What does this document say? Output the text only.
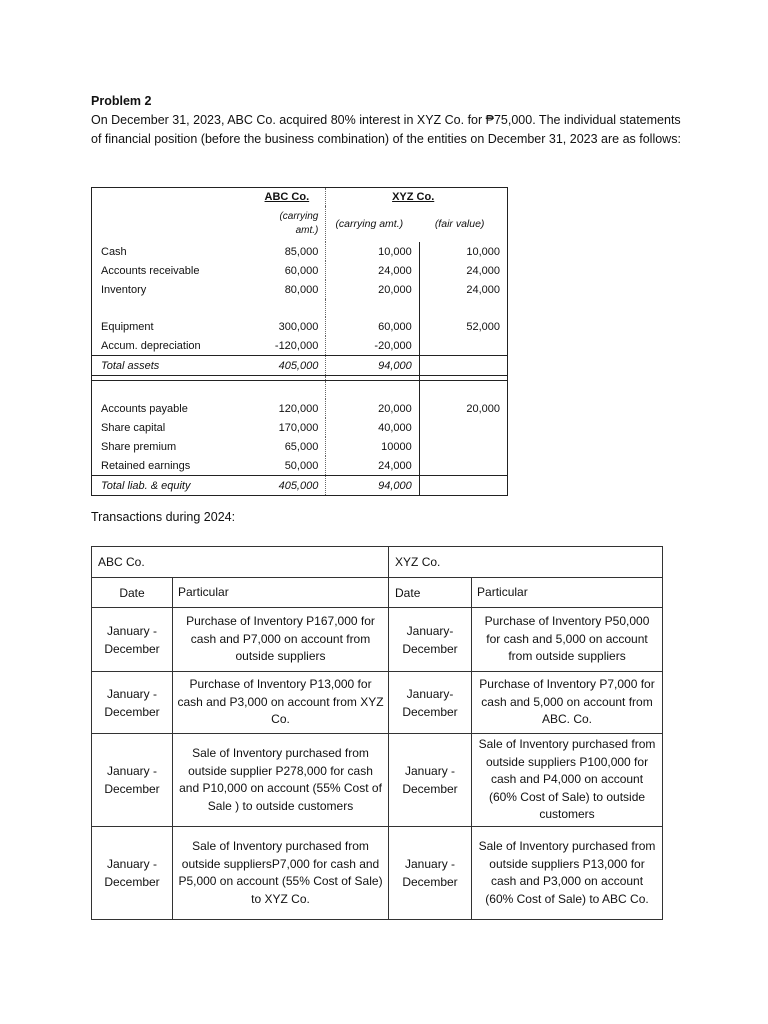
Problem 2
On December 31, 2023, ABC Co. acquired 80% interest in XYZ Co. for ₱75,000. The individual statements of financial position (before the business combination) of the entities on December 31, 2023 are as follows:
	ABC Co.	XYZ Co.	
	(carrying amt.)	(carrying amt.)	(fair value)
Cash	85,000	10,000	10,000
Accounts receivable	60,000	24,000	24,000
Inventory	80,000	20,000	24,000

Equipment	300,000	60,000	52,000
Accum. depreciation	-120,000	-20,000	
Total assets	405,000	94,000	

Accounts payable	120,000	20,000	20,000
Share capital	170,000	40,000	
Share premium	65,000	10000	
Retained earnings	50,000	24,000	
Total liab. & equity	405,000	94,000	
Transactions during 2024:
ABC Co.		XYZ Co.	
Date	Particular	Date	Particular
January - December	Purchase of Inventory P167,000 for cash and P7,000 on account from outside suppliers	January- December	Purchase of Inventory P50,000 for cash and 5,000 on account from outside suppliers
January - December	Purchase of Inventory P13,000 for cash and P3,000 on account from XYZ Co.	January- December	Purchase of Inventory P7,000 for cash and 5,000 on account from ABC. Co.
January - December	Sale of Inventory purchased from outside supplier P278,000 for cash and P10,000 on account (55% Cost of Sale ) to outside customers	January - December	Sale of Inventory purchased from outside suppliers P100,000 for cash and P4,000 on account (60% Cost of Sale) to outside customers
January - December	Sale of Inventory purchased from outside suppliersP7,000 for cash and P5,000 on account (55% Cost of Sale) to XYZ Co.	January - December	Sale of Inventory purchased from outside suppliers P13,000 for cash and P3,000 on account (60% Cost of Sale) to ABC Co.
